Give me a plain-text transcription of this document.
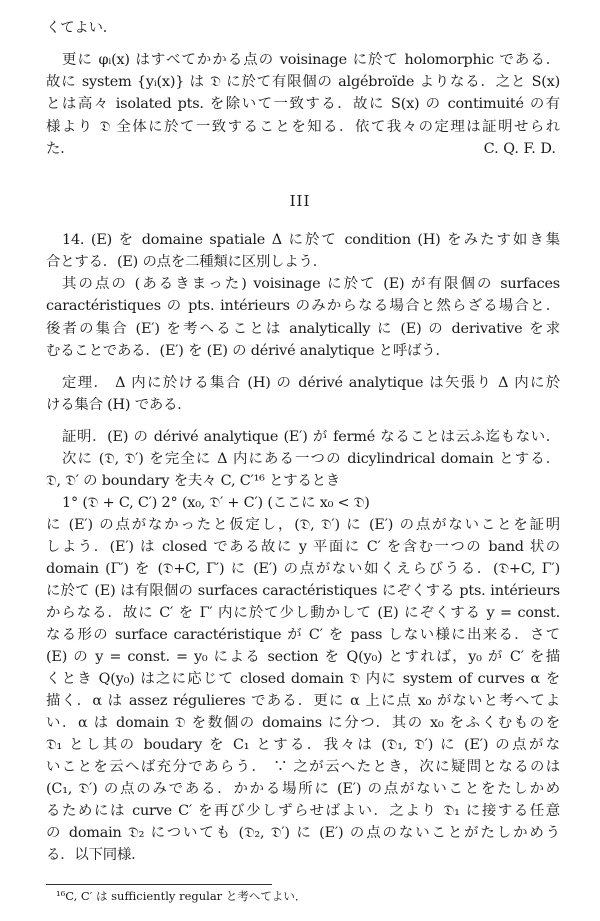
くてよい．
更に φᵢ(x) はすべてかかる点の voisinage に於て holomorphic である．
故に system {yᵢ(x)} は 𝔇 に於て有限個の algébroïde よりなる．之と S(x)
とは高々 isolated pts. を除いて一致する．故に S(x) の contimuité の有
様より 𝔇 全体に於て一致することを知る．依て我々の定理は証明せられ
た．	C. Q. F. D.
III
14. (E) を domaine spatiale Δ に於て condition (H) をみたす如き集
合とする．(E) の点を二種類に区別しよう．
其の点の (あるきまった) voisinage に於て (E) が有限個の surfaces
caractéristiques の pts. intérieurs のみからなる場合と然らざる場合と．
後者の集合 (E′) を考へることは analytically に (E) の derivative を求
むることである．(E′) を (E) の dérivé analytique と呼ばう．
定理． Δ 内に於ける集合 (H) の dérivé analytique は矢張り Δ 内に於
ける集合 (H) である．
証明．(E) の dérivé analytique (E′) が fermé なることは云ふ迄もない．
次に (𝔇, 𝔇′) を完全に Δ 内にある一つの dicylindrical domain とする．
𝔇, 𝔇′ の boundary を夫々 C, C′¹⁶ とするとき
1° (𝔇 + C, C′) 2° (x₀, 𝔇′ + C′) (ここに x₀ < 𝔇)
に (E′) の点がなかったと仮定し，(𝔇, 𝔇′) に (E′) の点がないことを証明
しよう．(E′) は closed である故に y 平面に C′ を含む一つの band 状の
domain (Γ′) を (𝔇+C, Γ′) に (E′) の点がない如くえらびうる．(𝔇+C, Γ′)
に於て (E) は有限個の surfaces caractéristiques にぞくする pts. intérieurs
からなる．故に C′ を Γ′ 内に於て少し動かして (E) にぞくする y = const.
なる形の surface caractéristique が C′ を pass しない様に出来る．さて
(E) の y = const. = y₀ による section を Q(y₀) とすれば，y₀ が C′ を描
くとき Q(y₀) は之に応じて closed domain 𝔇 内に system of curves α を
描く．α は assez régulieres である．更に α 上に点 x₀ がないと考へてよ
い．α は domain 𝔇 を数個の domains に分つ．其の x₀ をふくむものを
𝔇₁ とし其の boudary を C₁ とする．我々は (𝔇₁, 𝔇′) に (E′) の点がな
いことを云へば充分であらう． ∵ 之が云へたとき，次に疑問となるのは
(C₁, 𝔇′) の点のみである．かかる場所に (E′) の点がないことをたしかめ
るためには curve C′ を再び少しずらせばよい．之より 𝔇₁ に接する任意
の domain 𝔇₂ についても (𝔇₂, 𝔇′) に (E′) の点のないことがたしかめう
る．以下同様．
¹⁶C, C′ は sufficiently regular と考へてよい．
